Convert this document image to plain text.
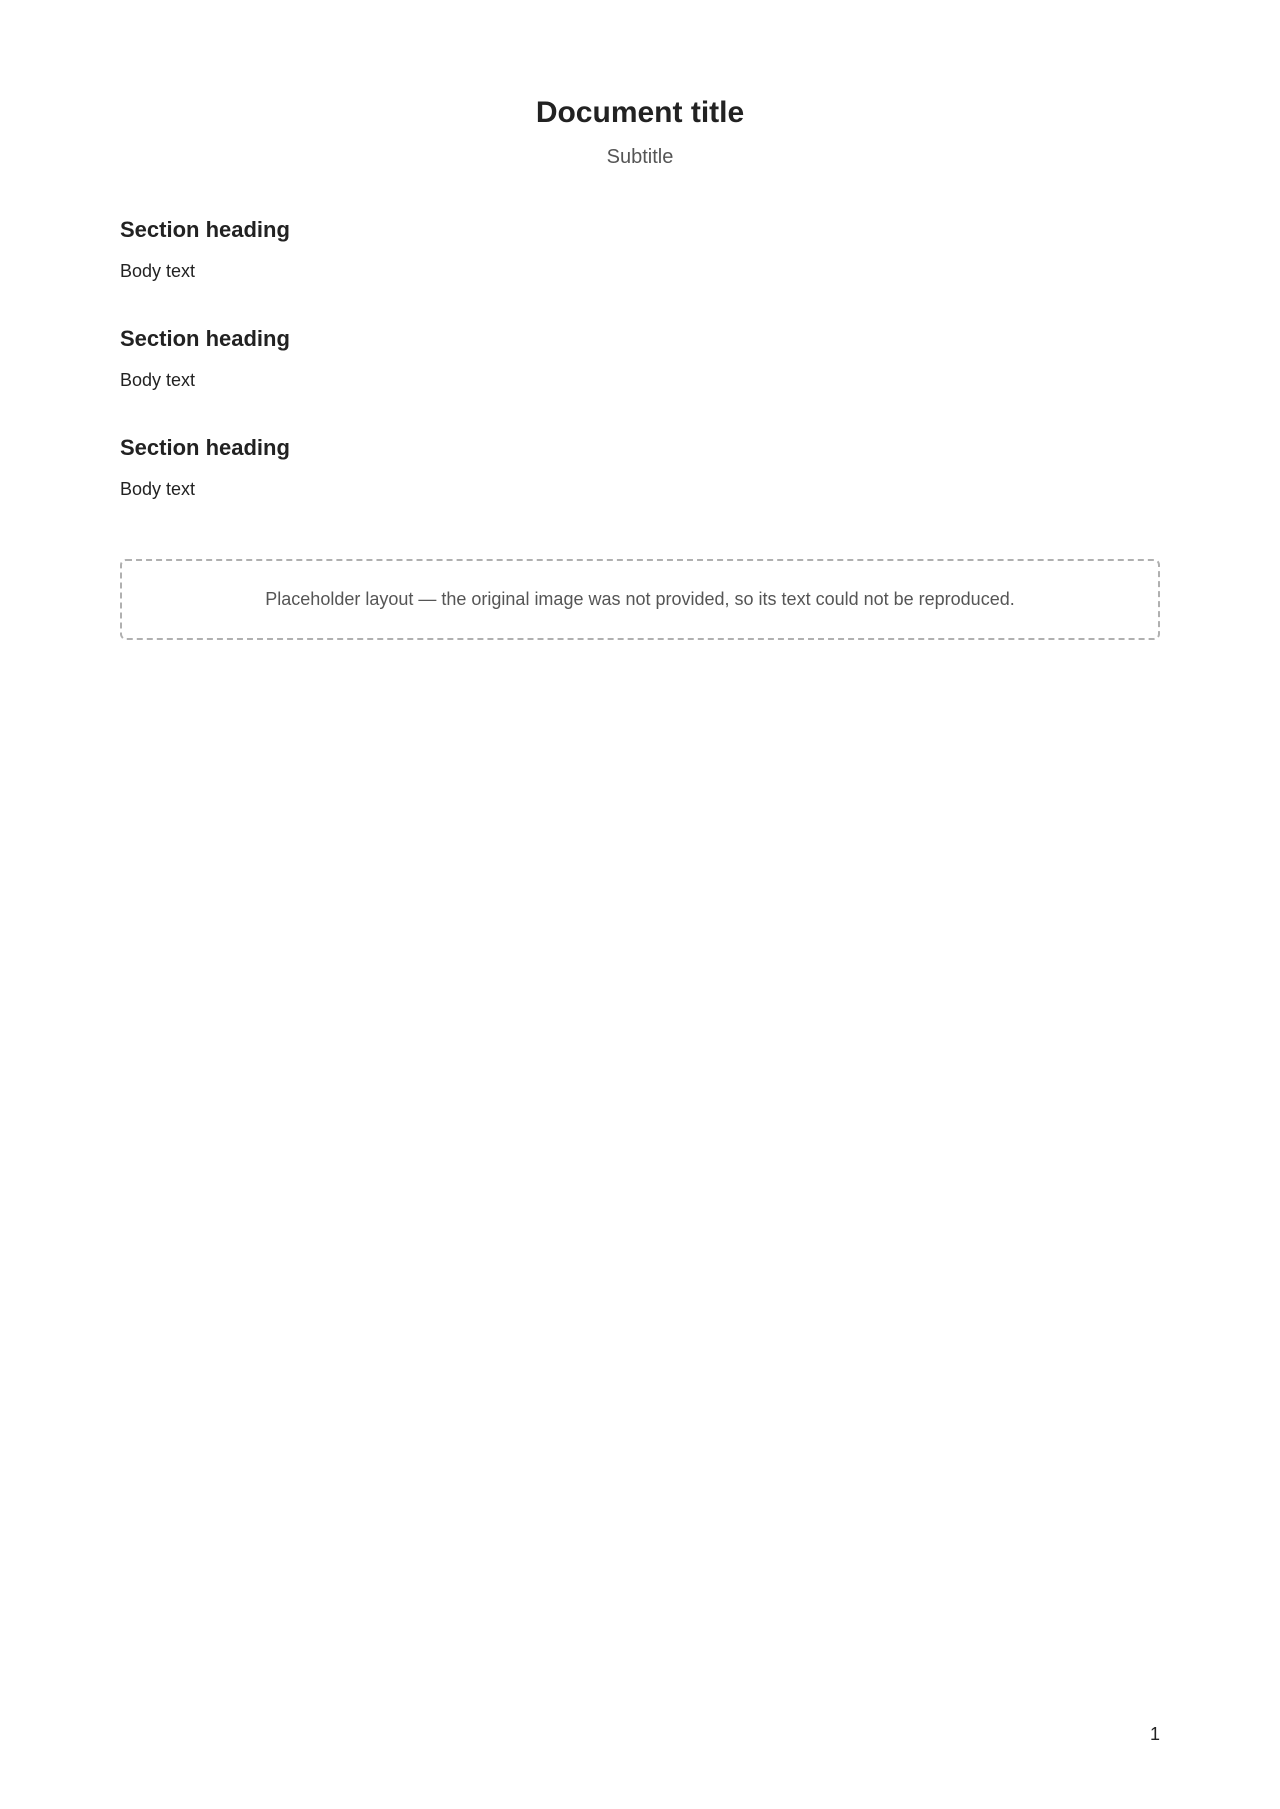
Document title

Subtitle

Section heading

Body text

Section heading

Body text

Section heading

Body text

Placeholder layout — the original image was not provided, so its text could not be reproduced.
1
